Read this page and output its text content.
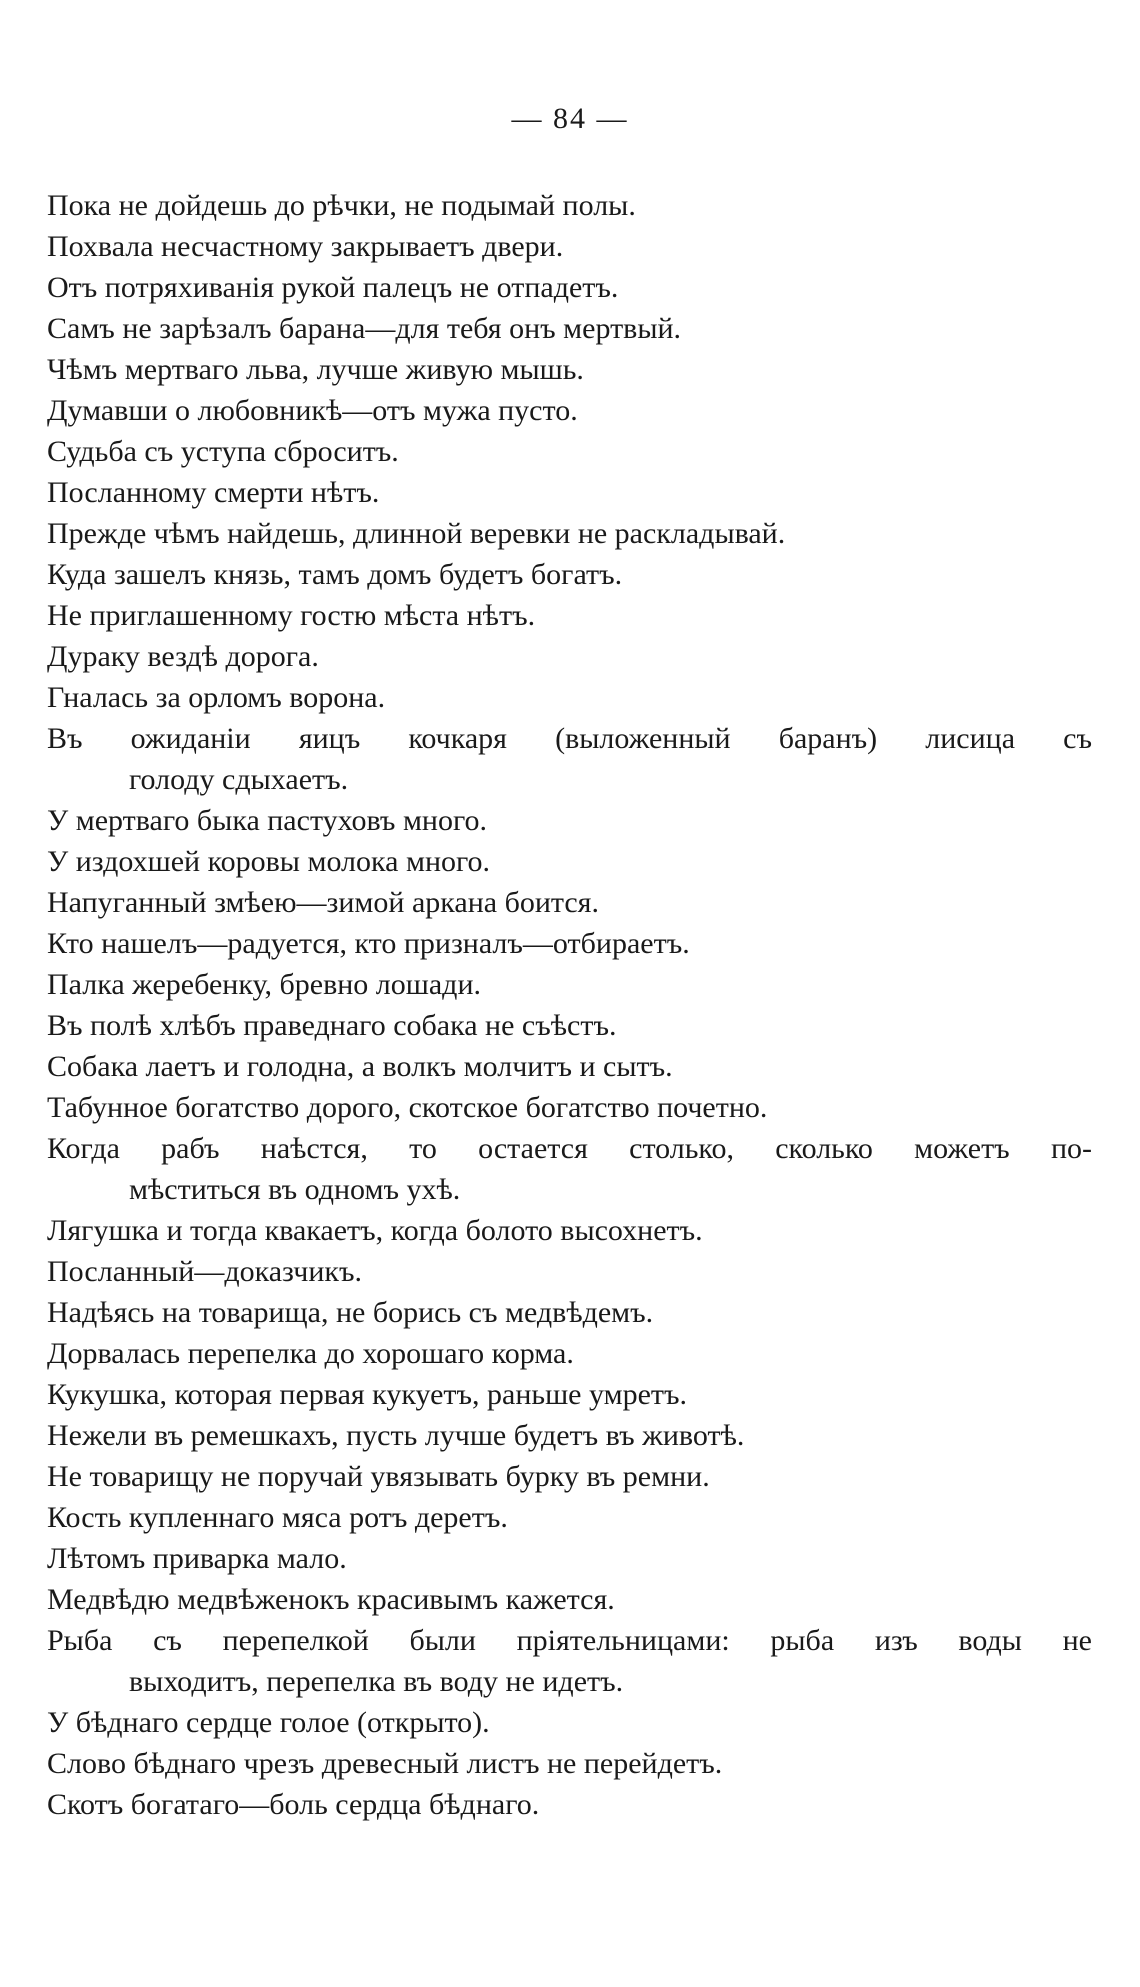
— 84 —
Пока не дойдешь до рѣчки, не подымай полы.
Похвала несчастному закрываетъ двери.
Отъ потряхиванія рукой палецъ не отпадетъ.
Самъ не зарѣзалъ барана—для тебя онъ мертвый.
Чѣмъ мертваго льва, лучше живую мышь.
Думавши о любовникѣ—отъ мужа пусто.
Судьба съ уступа сброситъ.
Посланному смерти нѣтъ.
Прежде чѣмъ найдешь, длинной веревки не раскладывай.
Куда зашелъ князь, тамъ домъ будетъ богатъ.
Не приглашенному гостю мѣста нѣтъ.
Дураку вездѣ дорога.
Гналась за орломъ ворона.
Въ ожиданіи яицъ кочкаря (выложенный баранъ) лисица съ
голоду сдыхаетъ.
У мертваго быка пастуховъ много.
У издохшей коровы молока много.
Напуганный змѣею—зимой аркана боится.
Кто нашелъ—радуется, кто призналъ—отбираетъ.
Палка жеребенку, бревно лошади.
Въ полѣ хлѣбъ праведнаго собака не съѣстъ.
Собака лаетъ и голодна, а волкъ молчитъ и сытъ.
Табунное богатство дорого, скотское богатство почетно.
Когда рабъ наѣстся, то остается столько, сколько можетъ по-
мѣститься въ одномъ ухѣ.
Лягушка и тогда квакаетъ, когда болото высохнетъ.
Посланный—доказчикъ.
Надѣясь на товарища, не борись съ медвѣдемъ.
Дорвалась перепелка до хорошаго корма.
Кукушка, которая первая кукуетъ, раньше умретъ.
Нежели въ ремешкахъ, пусть лучше будетъ въ животѣ.
Не товарищу не поручай увязывать бурку въ ремни.
Кость купленнаго мяса ротъ деретъ.
Лѣтомъ приварка мало.
Медвѣдю медвѣженокъ красивымъ кажется.
Рыба съ перепелкой были пріятельницами: рыба изъ воды не
выходитъ, перепелка въ воду не идетъ.
У бѣднаго сердце голое (открыто).
Слово бѣднаго чрезъ древесный листъ не перейдетъ.
Скотъ богатаго—боль сердца бѣднаго.
